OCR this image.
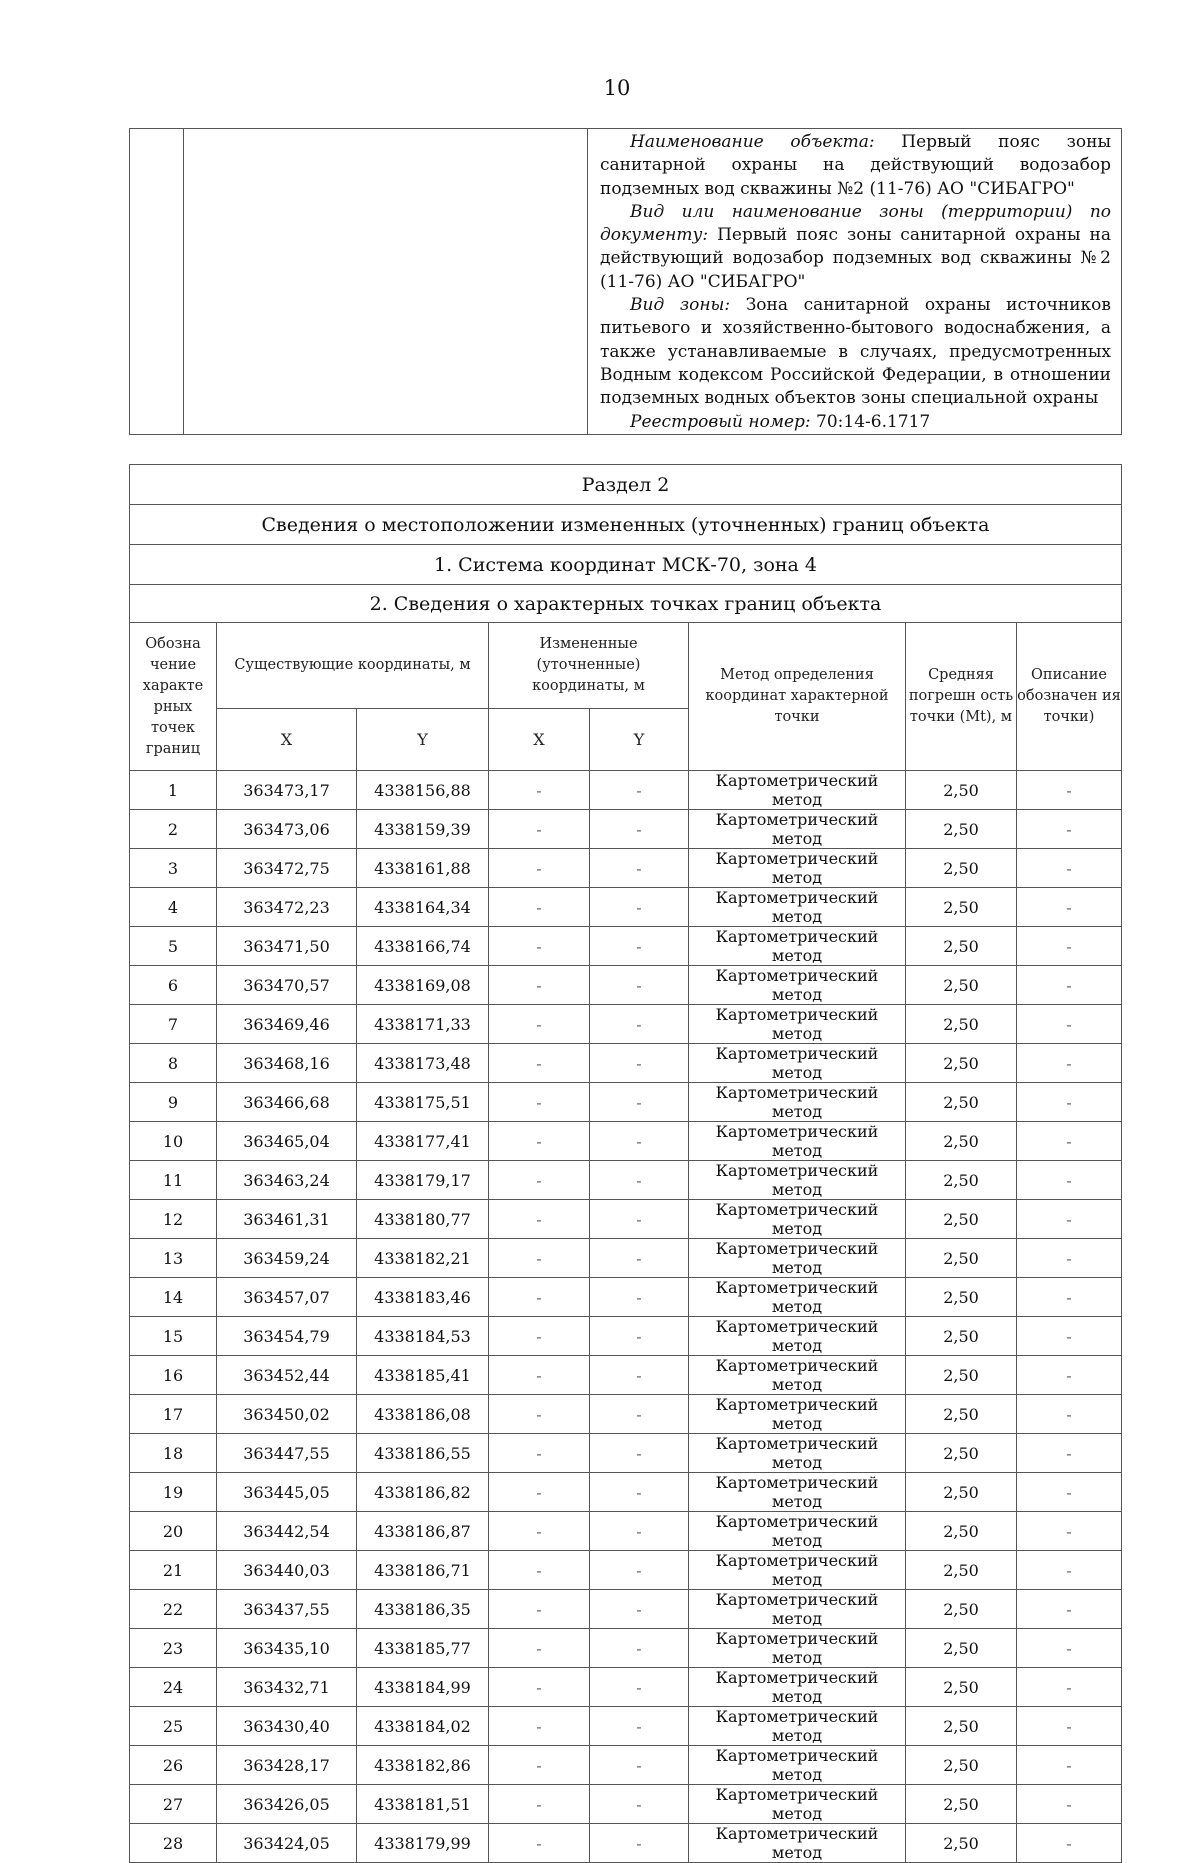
10

Наименование объекта: Первый пояс зоны санитарной охраны на действующий водозабор подземных вод скважины №2 (11-76) АО "СИБАГРО"

Вид или наименование зоны (территории) по документу: Первый пояс зоны санитарной охраны на действующий водозабор подземных вод скважины №2 (11-76) АО "СИБАГРО"

Вид зоны: Зона санитарной охраны источников питьевого и хозяйственно-бытового водоснабжения, а также устанавливаемые в случаях, предусмотренных Водным кодексом Российской Федерации, в отношении подземных водных объектов зоны специальной охраны

Реестровый номер: 70:14-6.1717

Раздел 2							
Сведения о местоположении измененных (уточненных) границ объекта							
1. Система координат МСК-70, зона 4							
2. Сведения о характерных точках границ объекта							
Обозна чение характе рных точек границ	Существующие координаты, м		Измененные (уточненные) координаты, м		Метод определения координат характерной точки	Средняя погрешн ость точки (Mt), м	Описание обозначен ия точки)
	X	Y	X	Y			
1	363473,17	4338156,88	-	-	Картометрический метод	2,50	-
2	363473,06	4338159,39	-	-	Картометрический метод	2,50	-
3	363472,75	4338161,88	-	-	Картометрический метод	2,50	-
4	363472,23	4338164,34	-	-	Картометрический метод	2,50	-
5	363471,50	4338166,74	-	-	Картометрический метод	2,50	-
6	363470,57	4338169,08	-	-	Картометрический метод	2,50	-
7	363469,46	4338171,33	-	-	Картометрический метод	2,50	-
8	363468,16	4338173,48	-	-	Картометрический метод	2,50	-
9	363466,68	4338175,51	-	-	Картометрический метод	2,50	-
10	363465,04	4338177,41	-	-	Картометрический метод	2,50	-
11	363463,24	4338179,17	-	-	Картометрический метод	2,50	-
12	363461,31	4338180,77	-	-	Картометрический метод	2,50	-
13	363459,24	4338182,21	-	-	Картометрический метод	2,50	-
14	363457,07	4338183,46	-	-	Картометрический метод	2,50	-
15	363454,79	4338184,53	-	-	Картометрический метод	2,50	-
16	363452,44	4338185,41	-	-	Картометрический метод	2,50	-
17	363450,02	4338186,08	-	-	Картометрический метод	2,50	-
18	363447,55	4338186,55	-	-	Картометрический метод	2,50	-
19	363445,05	4338186,82	-	-	Картометрический метод	2,50	-
20	363442,54	4338186,87	-	-	Картометрический метод	2,50	-
21	363440,03	4338186,71	-	-	Картометрический метод	2,50	-
22	363437,55	4338186,35	-	-	Картометрический метод	2,50	-
23	363435,10	4338185,77	-	-	Картометрический метод	2,50	-
24	363432,71	4338184,99	-	-	Картометрический метод	2,50	-
25	363430,40	4338184,02	-	-	Картометрический метод	2,50	-
26	363428,17	4338182,86	-	-	Картометрический метод	2,50	-
27	363426,05	4338181,51	-	-	Картометрический метод	2,50	-
28	363424,05	4338179,99	-	-	Картометрический метод	2,50	-
